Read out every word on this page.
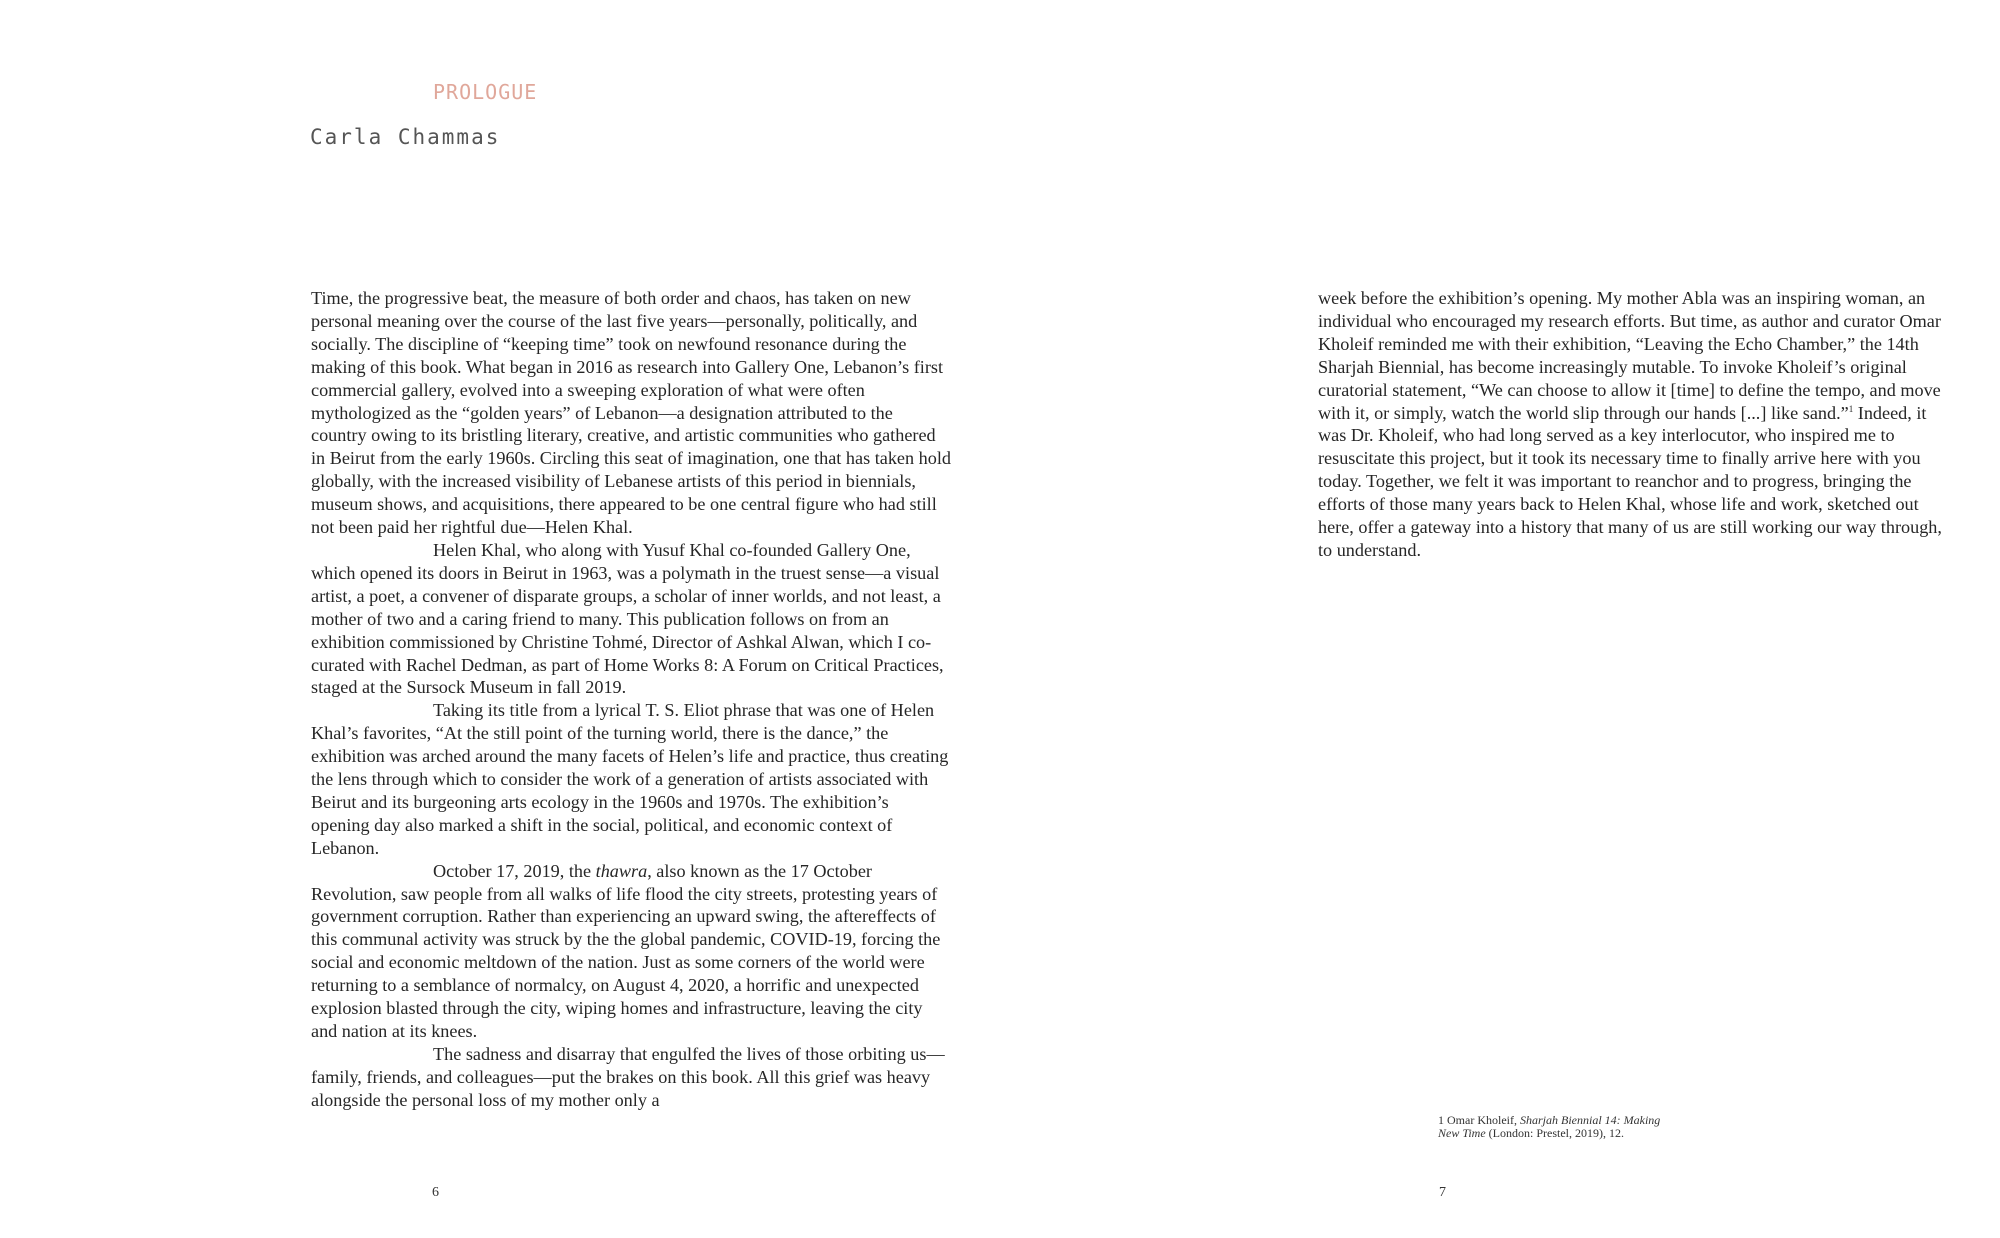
PROLOGUE
Carla Chammas

Time, the progressive beat, the measure of both order and chaos, has taken on new personal meaning over the course of the last five years—personally, politically, and socially. The discipline of “keeping time” took on newfound resonance during the making of this book. What began in 2016 as research into Gallery One, Lebanon’s first commercial gallery, evolved into a sweeping exploration of what were often mythologized as the “golden years” of Lebanon—a designation attributed to the country owing to its bristling literary, creative, and artistic communities who gathered in Beirut from the early 1960s. Circling this seat of imagination, one that has taken hold globally, with the increased visibility of Lebanese artists of this period in biennials, museum shows, and acquisitions, there appeared to be one central figure who had still not been paid her rightful due—Helen Khal.

Helen Khal, who along with Yusuf Khal co-founded Gallery One, which opened its doors in Beirut in 1963, was a polymath in the truest sense—a visual artist, a poet, a convener of disparate groups, a scholar of inner worlds, and not least, a mother of two and a caring friend to many. This publication follows on from an exhibition commissioned by Christine Tohmé, Director of Ashkal Alwan, which I co-curated with Rachel Dedman, as part of Home Works 8: A Forum on Critical Practices, staged at the Sursock Museum in fall 2019.

Taking its title from a lyrical T. S. Eliot phrase that was one of Helen Khal’s favorites, “At the still point of the turning world, there is the dance,” the exhibition was arched around the many facets of Helen’s life and practice, thus creating the lens through which to consider the work of a generation of artists associated with Beirut and its burgeoning arts ecology in the 1960s and 1970s. The exhibition’s opening day also marked a shift in the social, political, and economic context of Lebanon.

October 17, 2019, the thawra, also known as the 17 October Revolution, saw people from all walks of life flood the city streets, protesting years of government corruption. Rather than experiencing an upward swing, the aftereffects of this communal activity was struck by the the global pandemic, COVID-19, forcing the social and economic meltdown of the nation. Just as some corners of the world were returning to a semblance of normalcy, on August 4, 2020, a horrific and unexpected explosion blasted through the city, wiping homes and infrastructure, leaving the city and nation at its knees.

The sadness and disarray that engulfed the lives of those orbiting us—family, friends, and colleagues—put the brakes on this book. All this grief was heavy alongside the personal loss of my mother only a

week before the exhibition’s opening. My mother Abla was an inspiring woman, an individual who encouraged my research efforts. But time, as author and curator Omar Kholeif reminded me with their exhibition, “Leaving the Echo Chamber,” the 14th Sharjah Biennial, has become increasingly mutable. To invoke Kholeif’s original curatorial statement, “We can choose to allow it [time] to define the tempo, and move with it, or simply, watch the world slip through our hands [...] like sand.”$^1$ Indeed, it was Dr. Kholeif, who had long served as a key interlocutor, who inspired me to resuscitate this project, but it took its necessary time to finally arrive here with you today. Together, we felt it was important to reanchor and to progress, bringing the efforts of those many years back to Helen Khal, whose life and work, sketched out here, offer a gateway into a history that many of us are still working our way through, to understand.

1 Omar Kholeif, Sharjah Biennial 14: Making New Time (London: Prestel, 2019), 12.
6	7
